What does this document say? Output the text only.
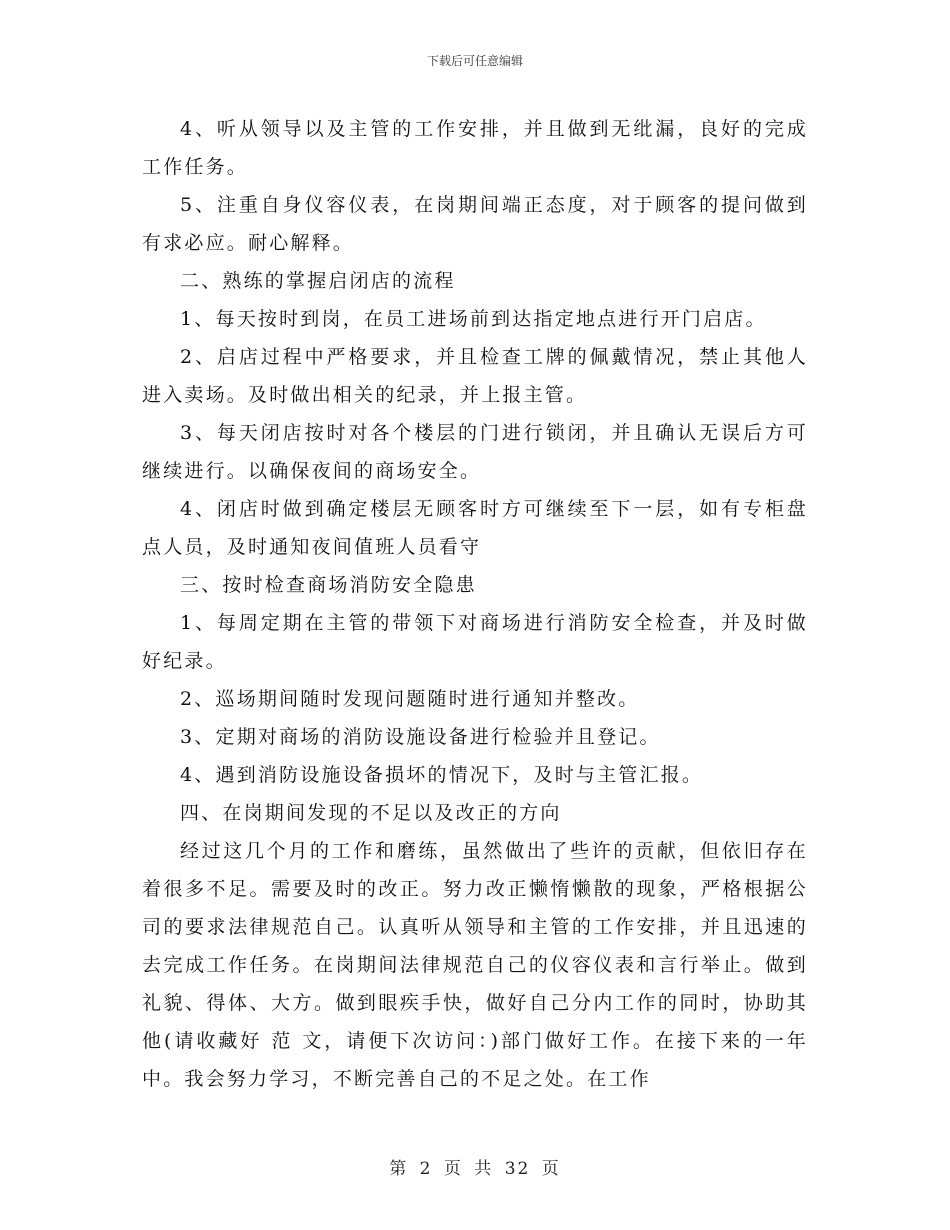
下载后可任意编辑

4、听从领导以及主管的工作安排，并且做到无纰漏，良好的完成工作任务。

5、注重自身仪容仪表，在岗期间端正态度，对于顾客的提问做到有求必应。耐心解释。

二、熟练的掌握启闭店的流程

1、每天按时到岗，在员工进场前到达指定地点进行开门启店。

2、启店过程中严格要求，并且检查工牌的佩戴情况，禁止其他人进入卖场。及时做出相关的纪录，并上报主管。

3、每天闭店按时对各个楼层的门进行锁闭，并且确认无误后方可继续进行。以确保夜间的商场安全。

4、闭店时做到确定楼层无顾客时方可继续至下一层，如有专柜盘点人员，及时通知夜间值班人员看守

三、按时检查商场消防安全隐患

1、每周定期在主管的带领下对商场进行消防安全检查，并及时做好纪录。

2、巡场期间随时发现问题随时进行通知并整改。

3、定期对商场的消防设施设备进行检验并且登记。

4、遇到消防设施设备损坏的情况下，及时与主管汇报。

四、在岗期间发现的不足以及改正的方向

经过这几个月的工作和磨练，虽然做出了些许的贡献，但依旧存在着很多不足。需要及时的改正。努力改正懒惰懒散的现象，严格根据公司的要求法律规范自己。认真听从领导和主管的工作安排，并且迅速的去完成工作任务。在岗期间法律规范自己的仪容仪表和言行举止。做到礼貌、得体、大方。做到眼疾手快，做好自己分内工作的同时，协助其他(请收藏好 范 文，请便下次访问：)部门做好工作。在接下来的一年中。我会努力学习，不断完善自己的不足之处。在工作

第 2 页 共 32 页
